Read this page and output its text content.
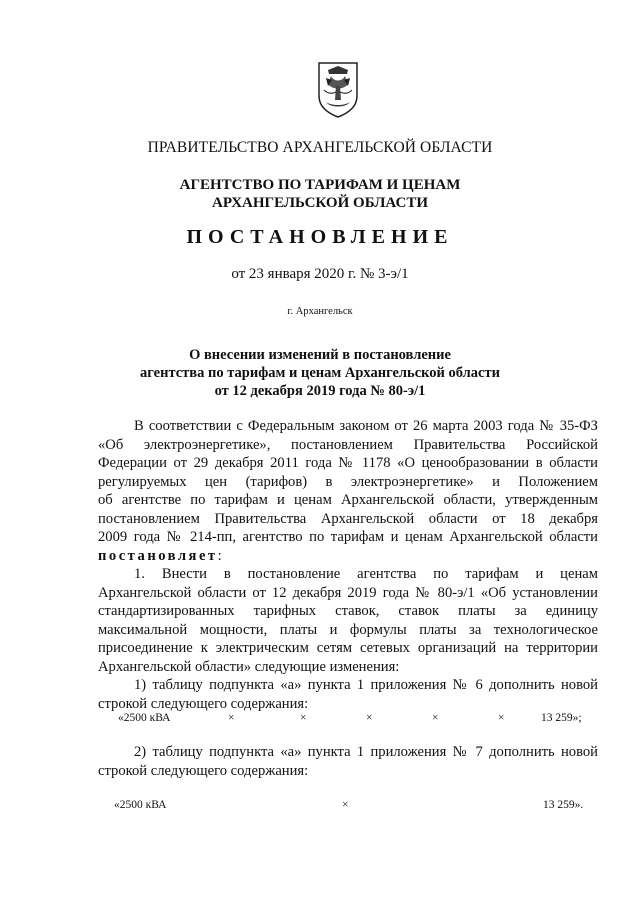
ПРАВИТЕЛЬСТВО АРХАНГЕЛЬСКОЙ ОБЛАСТИ
АГЕНТСТВО ПО ТАРИФАМ И ЦЕНАМ
АРХАНГЕЛЬСКОЙ ОБЛАСТИ
ПОСТАНОВЛЕНИЕ
от 23 января 2020 г. № 3-э/1
г. Архангельск
О внесении изменений в постановление
агентства по тарифам и ценам Архангельской области
от 12 декабря 2019 года № 80-э/1
В соответствии с Федеральным законом от 26 марта 2003 года № 35-ФЗ
«Об электроэнергетике», постановлением Правительства Российской
Федерации от 29 декабря 2011 года № 1178 «О ценообразовании в области
регулируемых цен (тарифов) в электроэнергетике» и Положением
об агентстве по тарифам и ценам Архангельской области, утвержденным
постановлением Правительства Архангельской области от 18 декабря
2009 года № 214-пп, агентство по тарифам и ценам Архангельской области
постановляет:
1. Внести в постановление агентства по тарифам и ценам
Архангельской области от 12 декабря 2019 года № 80-э/1 «Об установлении
стандартизированных тарифных ставок, ставок платы за единицу
максимальной мощности, платы и формулы платы за технологическое
присоединение к электрическим сетям сетевых организаций на территории
Архангельской области» следующие изменения:
1) таблицу подпункта «а» пункта 1 приложения № 6 дополнить новой
строкой следующего содержания:
«2500 кВА	×	×	×	×	×	13 259»;
2) таблицу подпункта «а» пункта 1 приложения № 7 дополнить новой
строкой следующего содержания:
«2500 кВА	×	13 259».
